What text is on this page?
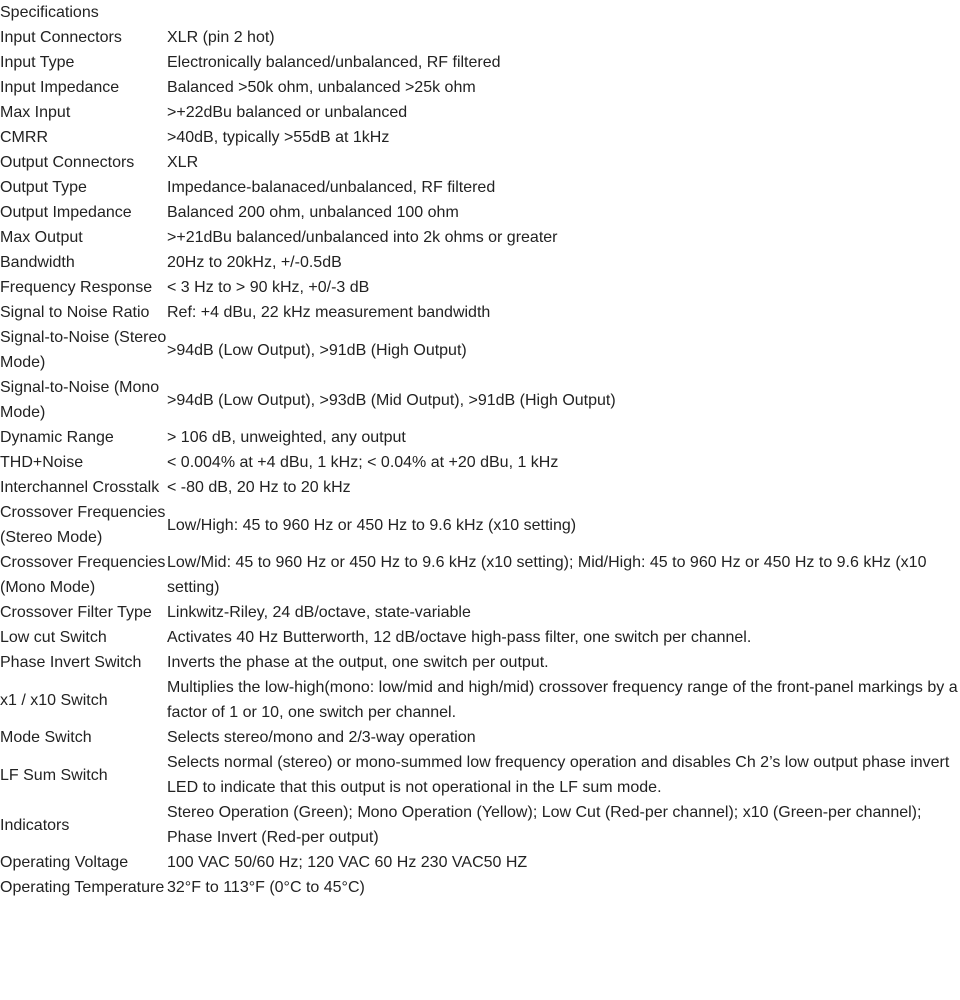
Specifications
Input Connectors	XLR (pin 2 hot)
Input Type	Electronically balanced/unbalanced, RF filtered
Input Impedance	Balanced >50k ohm, unbalanced >25k ohm
Max Input	>+22dBu balanced or unbalanced
CMRR	>40dB, typically >55dB at 1kHz
Output Connectors	XLR
Output Type	Impedance-balanaced/unbalanced, RF filtered
Output Impedance	Balanced 200 ohm, unbalanced 100 ohm
Max Output	>+21dBu balanced/unbalanced into 2k ohms or greater
Bandwidth	20Hz to 20kHz, +/-0.5dB
Frequency Response	< 3 Hz to > 90 kHz, +0/-3 dB
Signal to Noise Ratio	Ref: +4 dBu, 22 kHz measurement bandwidth
Signal-to-Noise (Stereo Mode)	>94dB (Low Output), >91dB (High Output)
Signal-to-Noise (Mono Mode)	>94dB (Low Output), >93dB (Mid Output), >91dB (High Output)
Dynamic Range	> 106 dB, unweighted, any output
THD+Noise	< 0.004% at +4 dBu, 1 kHz; < 0.04% at +20 dBu, 1 kHz
Interchannel Crosstalk	< -80 dB, 20 Hz to 20 kHz
Crossover Frequencies (Stereo Mode)	Low/High: 45 to 960 Hz or 450 Hz to 9.6 kHz (x10 setting)
Crossover Frequencies (Mono Mode)	Low/Mid: 45 to 960 Hz or 450 Hz to 9.6 kHz (x10 setting); Mid/High: 45 to 960 Hz or 450 Hz to 9.6 kHz (x10 setting)
Crossover Filter Type	Linkwitz-Riley, 24 dB/octave, state-variable
Low cut Switch	Activates 40 Hz Butterworth, 12 dB/octave high-pass filter, one switch per channel.
Phase Invert Switch	Inverts the phase at the output, one switch per output.
x1 / x10 Switch	Multiplies the low-high(mono: low/mid and high/mid) crossover frequency range of the front-panel markings by a factor of 1 or 10, one switch per channel.
Mode Switch	Selects stereo/mono and 2/3-way operation
LF Sum Switch	Selects normal (stereo) or mono-summed low frequency operation and disables Ch 2’s low output phase invert LED to indicate that this output is not operational in the LF sum mode.
Indicators	Stereo Operation (Green); Mono Operation (Yellow); Low Cut (Red-per channel); x10 (Green-per channel); Phase Invert (Red-per output)
Operating Voltage	100 VAC 50/60 Hz; 120 VAC 60 Hz 230 VAC50 HZ
Operating Temperature	32°F to 113°F (0°C to 45°C)
